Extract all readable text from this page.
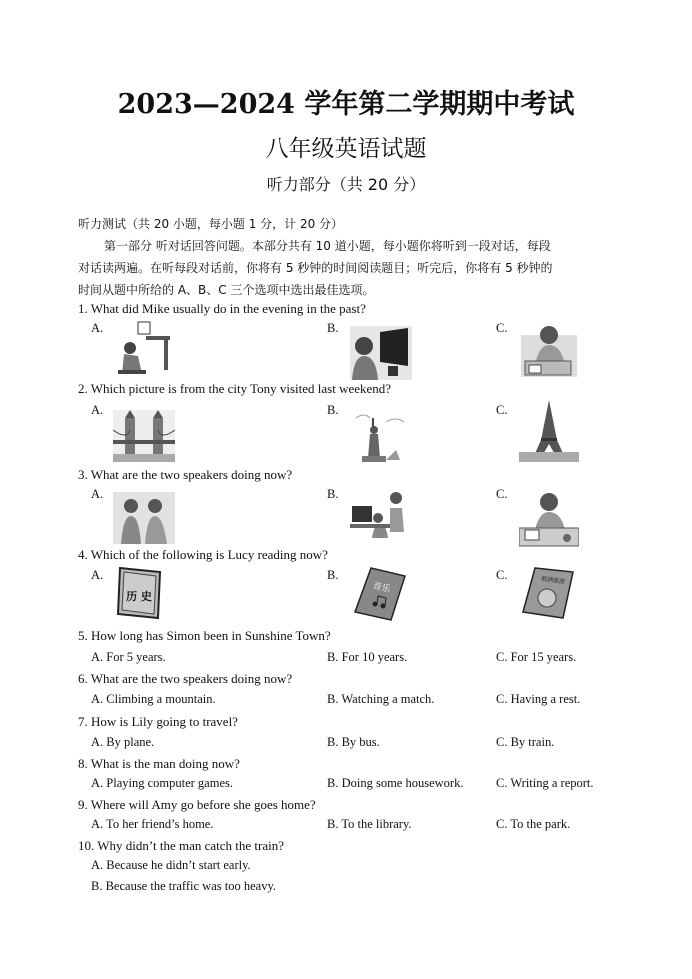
2023—2024 学年第二学期期中考试
八年级英语试题
听力部分（共 20 分）
听力测试（共 20 小题，每小题 1 分，计 20 分）
第一部分 听对话回答问题。本部分共有 10 道小题，每小题你将听到一段对话，每段
对话读两遍。在听每段对话前，你将有 5 秒钟的时间阅读题目；听完后，你将有 5 秒钟的
时间从题中所给的 A、B、C 三个选项中选出最佳选项。
1. What did Mike usually do in the evening in the past?
A.	B.	C.
2. Which picture is from the city Tony visited last weekend?
A.	B.	C.
3. What are the two speakers doing now?
A.	B.	C.
4. Which of the following is Lucy reading now?
A.	B.	C.
历 史
音乐
欧洲旅游
5. How long has Simon been in Sunshine Town?
A. For 5 years.	B. For 10 years.	C. For 15 years.
6. What are the two speakers doing now?
A. Climbing a mountain.	B. Watching a match.	C. Having a rest.
7. How is Lily going to travel?
A. By plane.	B. By bus.	C. By train.
8. What is the man doing now?
A. Playing computer games.	B. Doing some housework.	C. Writing a report.
9. Where will Amy go before she goes home?
A. To her friend’s home.	B. To the library.	C. To the park.
10. Why didn’t the man catch the train?
A. Because he didn’t start early.
B. Because the traffic was too heavy.
